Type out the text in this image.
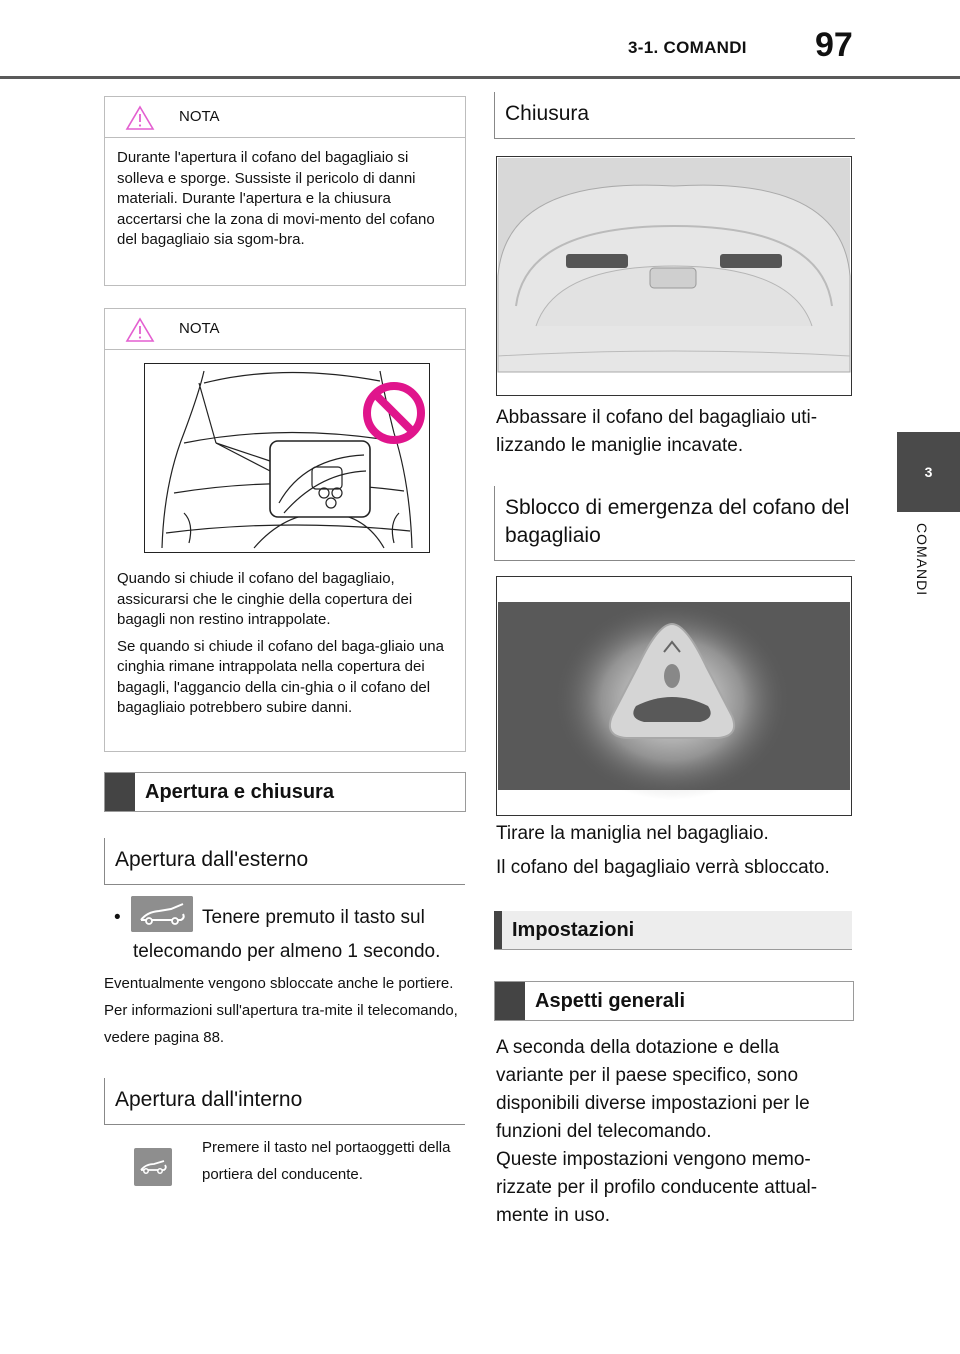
3-1. COMANDI 97
3
COMANDI
NOTA

Durante l'apertura il cofano del bagagliaio si solleva e sporge. Sussiste il pericolo di danni materiali. Durante l'apertura e la chiusura accertarsi che la zona di movi-mento del cofano del bagagliaio sia sgom-bra.

NOTA

Quando si chiude il cofano del bagagliaio, assicurarsi che le cinghie della copertura dei bagagli non restino intrappolate.

Se quando si chiude il cofano del baga-gliaio una cinghia rimane intrappolata nella copertura dei bagagli, l'aggancio della cin-ghia o il cofano del bagagliaio potrebbero subire danni.

Apertura e chiusura
Apertura dall'esterno
•	Tenere premuto il tasto sul
telecomando per almeno 1 secondo.
Eventualmente vengono sbloccate anche le portiere. Per informazioni sull'apertura tra-mite il telecomando, vedere pagina 88.
Apertura dall'interno
Premere il tasto nel portaoggetti della portiera del conducente.
Chiusura
Abbassare il cofano del bagagliaio uti-lizzando le maniglie incavate.
Sblocco di emergenza del cofano del bagagliaio
Tirare la maniglia nel bagagliaio.
Il cofano del bagagliaio verrà sbloccato.
Impostazioni
Aspetti generali
A seconda della dotazione e della variante per il paese specifico, sono disponibili diverse impostazioni per le funzioni del telecomando.
Queste impostazioni vengono memo-rizzate per il profilo conducente attual-mente in uso.
